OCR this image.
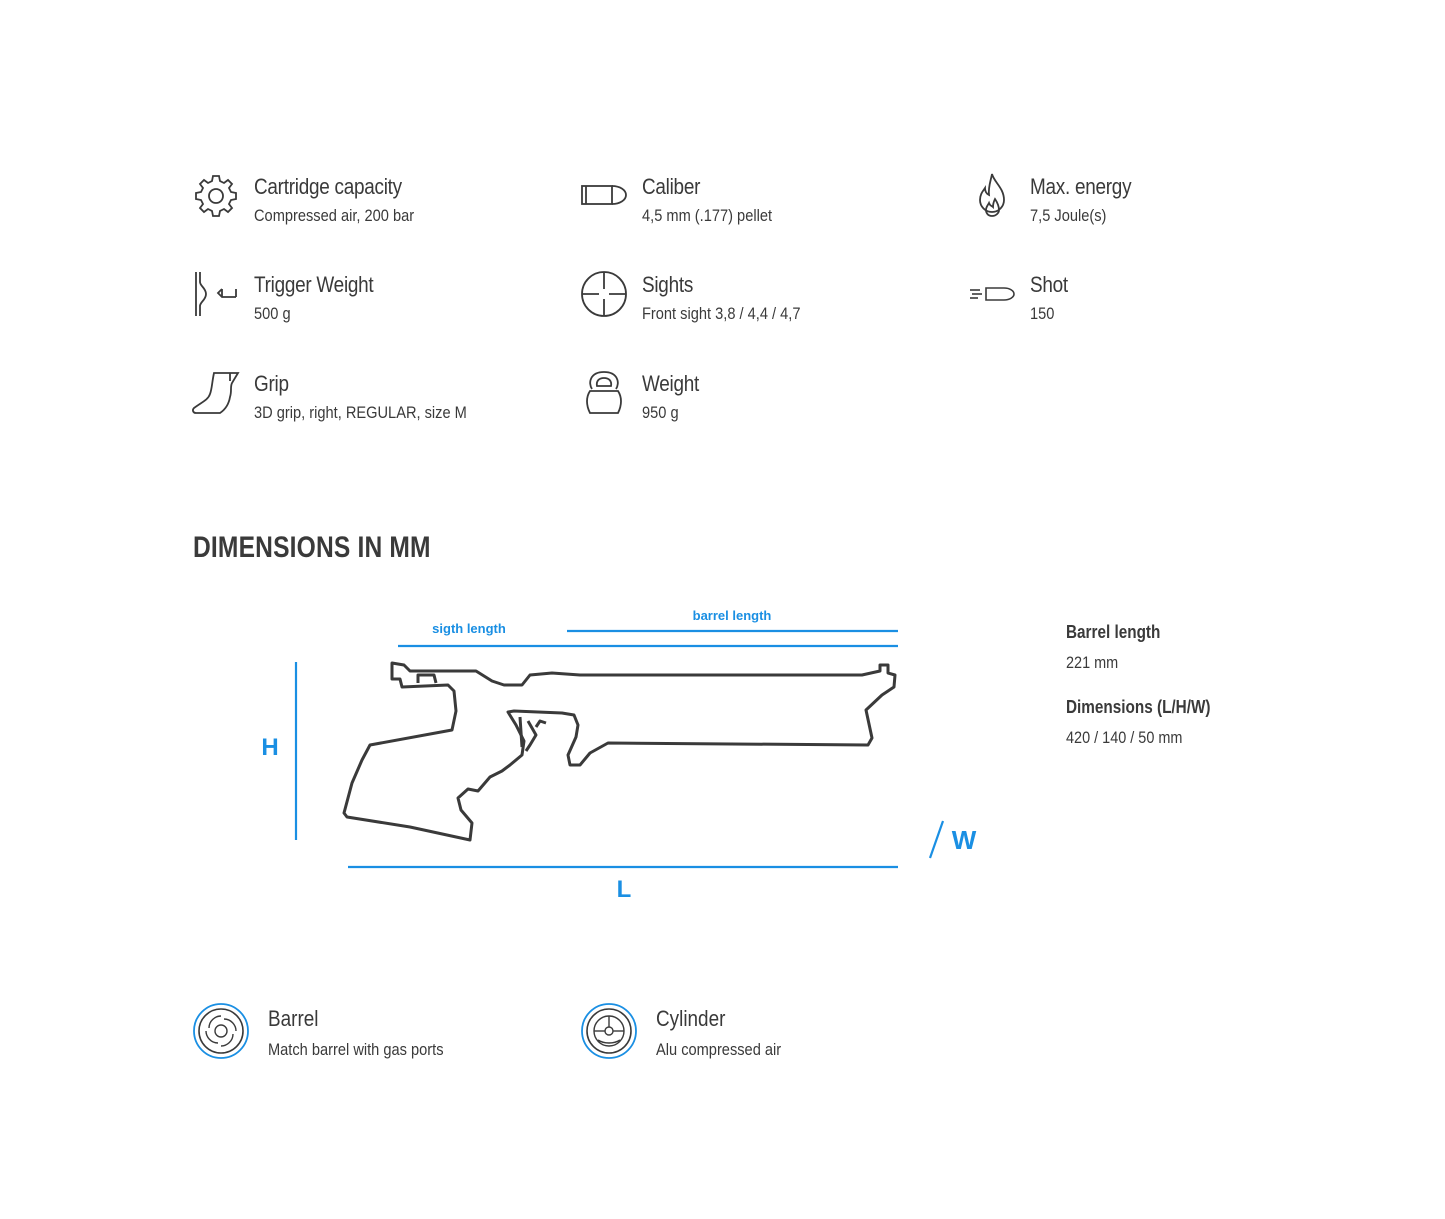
Cartridge capacity
Compressed air, 200 bar
Caliber
4,5 mm (.177) pellet
Max. energy
7,5 Joule(s)
Trigger Weight
500 g
Sights
Front sight 3,8 / 4,4 / 4,7
Shot
150
Grip
3D grip, right, REGULAR, size M
Weight
950 g
DIMENSIONS IN MM
sigth length
barrel length
H
L
W
Barrel length
221 mm
Dimensions (L/H/W)
420 / 140 / 50 mm
Barrel
Match barrel with gas ports
Cylinder
Alu compressed air
